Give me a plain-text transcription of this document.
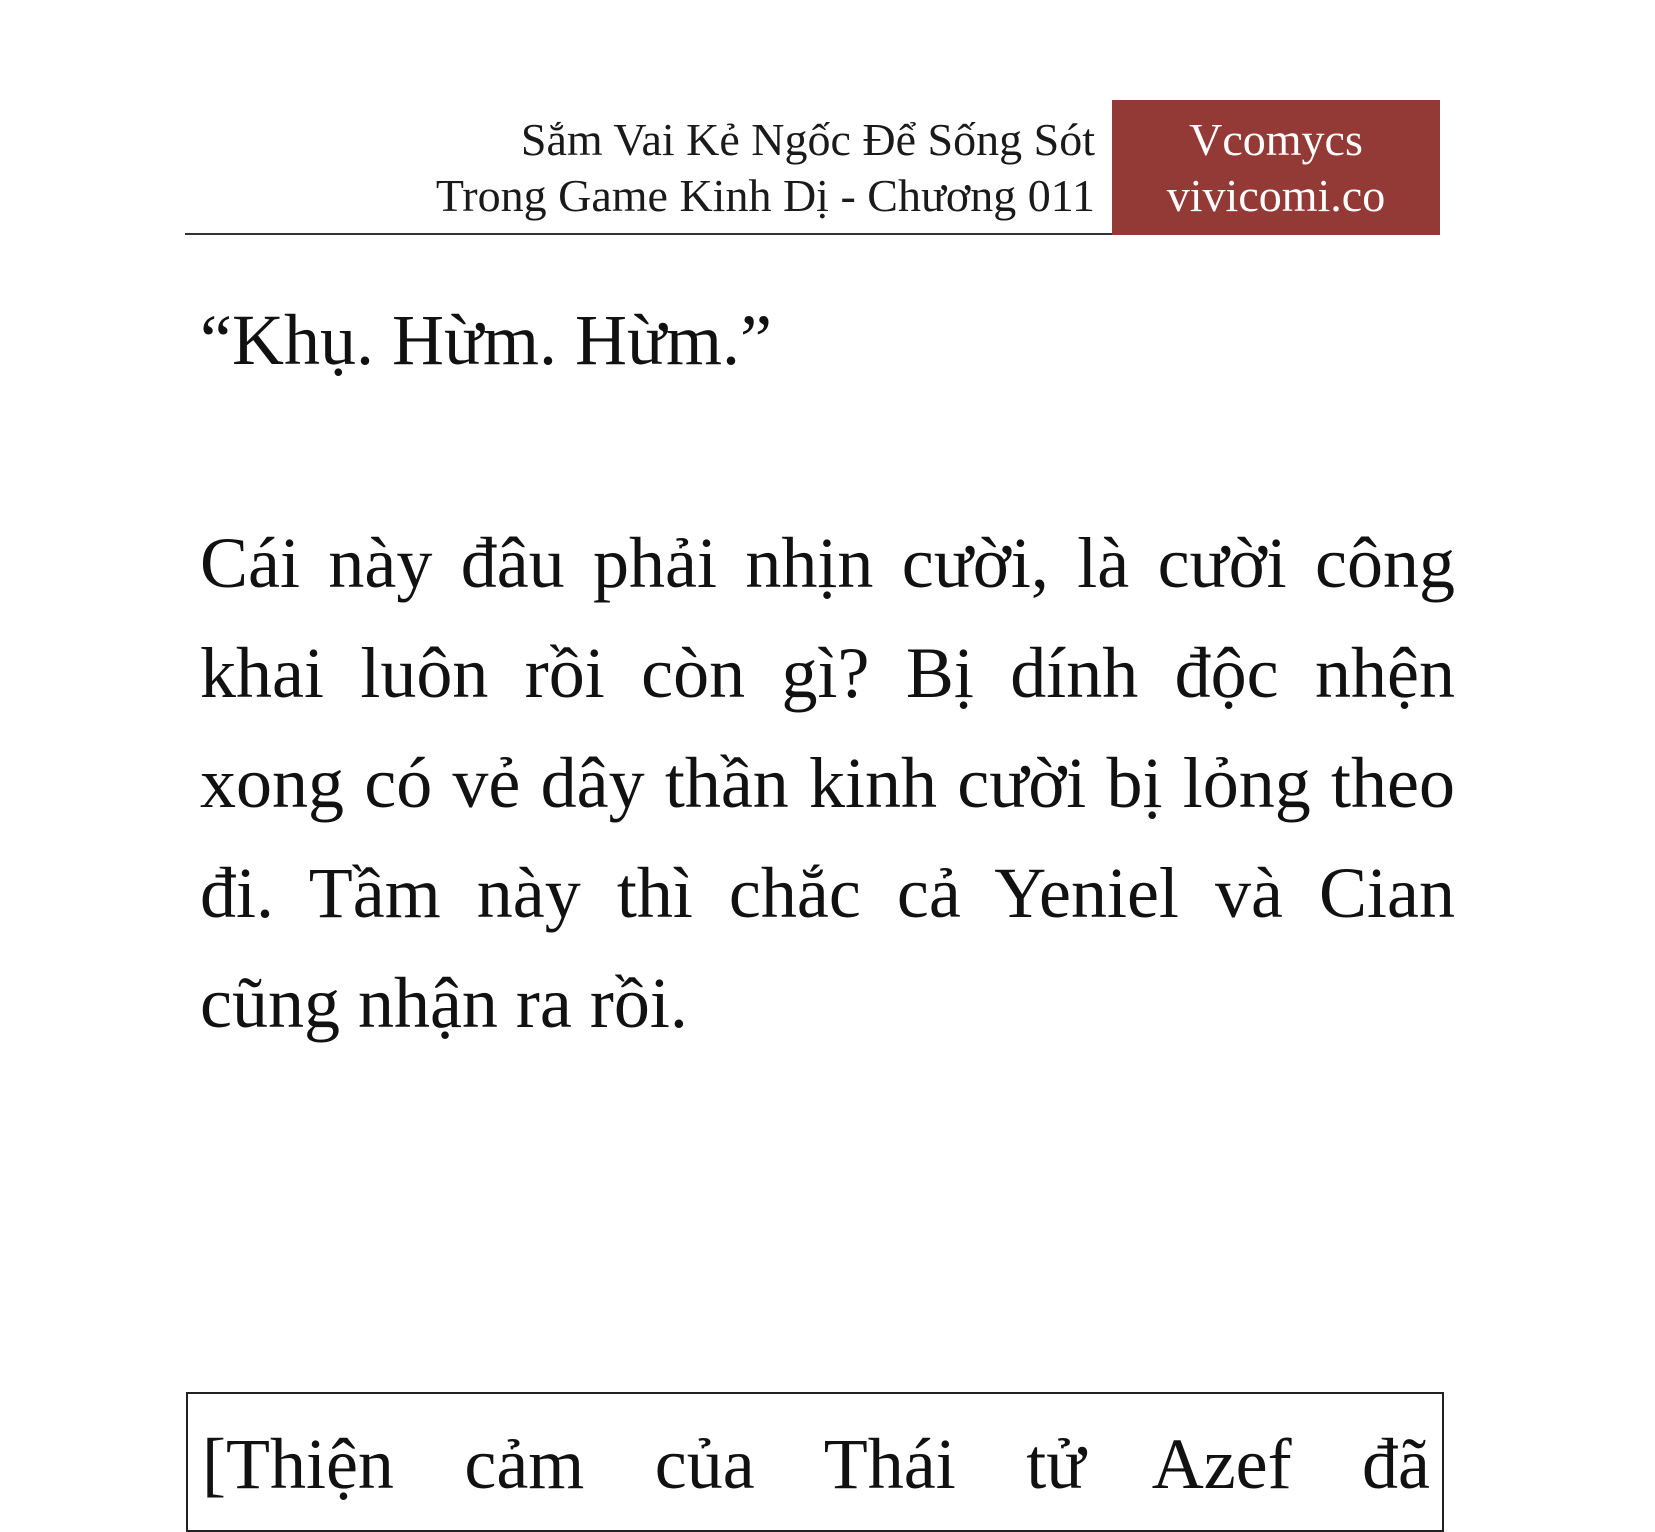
Sắm Vai Kẻ Ngốc Để Sống Sót
Trong Game Kinh Dị - Chương 011
Vcomycs
vivicomi.co
“Khụ. Hừm. Hừm.”

Cái này đâu phải nhịn cười, là cười công khai luôn rồi còn gì? Bị dính độc nhện xong có vẻ dây thần kinh cười bị lỏng theo đi. Tầm này thì chắc cả Yeniel và Cian cũng nhận ra rồi.

[Thiện cảm của Thái tử Azef đã
